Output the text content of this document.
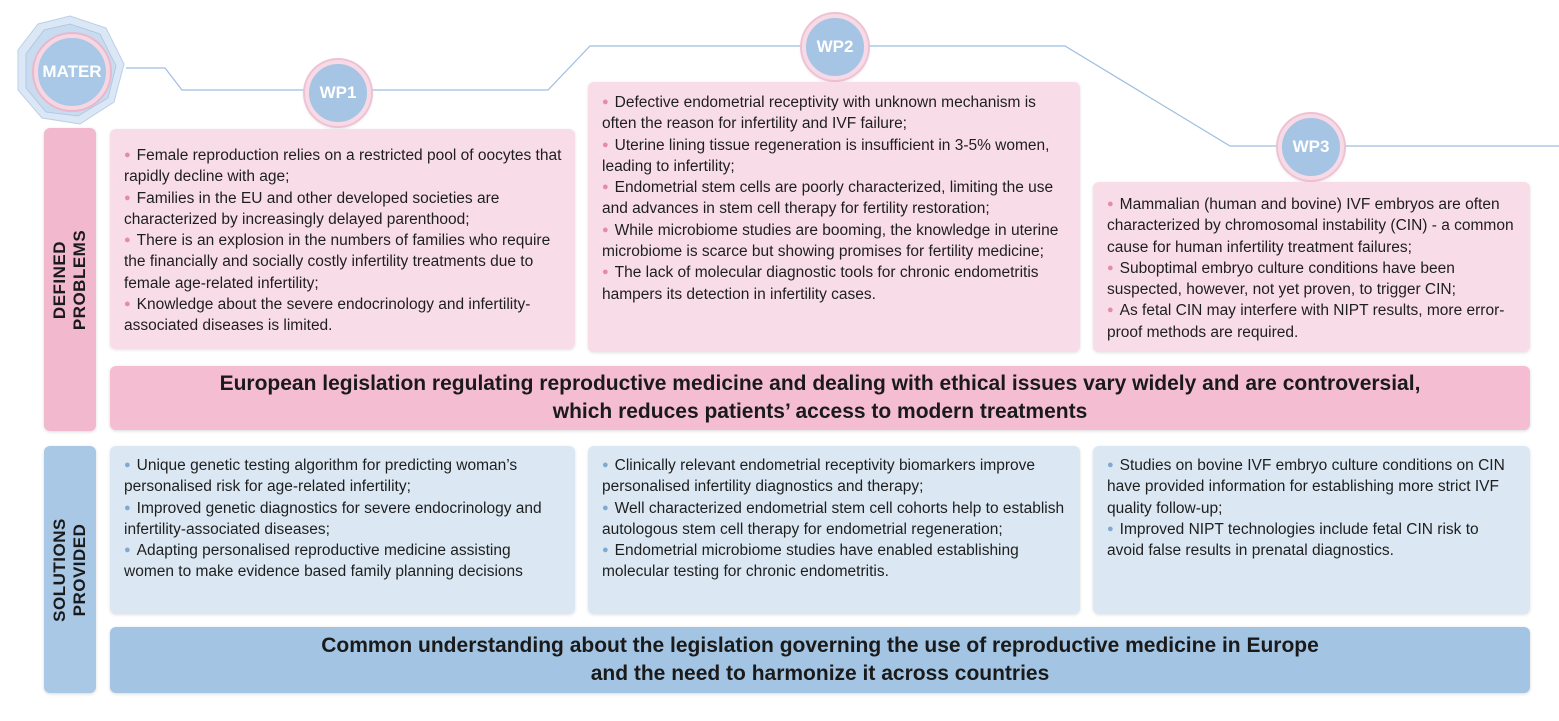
MATER
WP1
WP2
WP3
DEFINED PROBLEMS
SOLUTIONS PROVIDED

● Female reproduction relies on a restricted pool of oocytes that rapidly decline with age;

● Families in the EU and other developed societies are characterized by increasingly delayed parenthood;

● There is an explosion in the numbers of families who require the financially and socially costly infertility treatments due to female age-related infertility;

● Knowledge about the severe endocrinology and infertility-associated diseases is limited.

● Defective endometrial receptivity with unknown mechanism is often the reason for infertility and IVF failure;

● Uterine lining tissue regeneration is insufficient in 3-5% women, leading to infertility;

● Endometrial stem cells are poorly characterized, limiting the use and advances in stem cell therapy for fertility restoration;

● While microbiome studies are booming, the knowledge in uterine microbiome is scarce but showing promises for fertility medicine;

● The lack of molecular diagnostic tools for chronic endometritis hampers its detection in infertility cases.

● Mammalian (human and bovine) IVF embryos are often characterized by chromosomal instability (CIN) - a common cause for human infertility treatment failures;

● Suboptimal embryo culture conditions have been suspected, however, not yet proven, to trigger CIN;

● As fetal CIN may interfere with NIPT results, more error-proof methods are required.

European legislation regulating reproductive medicine and dealing with ethical issues vary widely and are controversial,
which reduces patients’ access to modern treatments

● Unique genetic testing algorithm for predicting woman’s personalised risk for age-related infertility;

● Improved genetic diagnostics for severe endocrinology and infertility-associated diseases;

● Adapting personalised reproductive medicine assisting women to make evidence based family planning decisions

● Clinically relevant endometrial receptivity biomarkers improve personalised infertility diagnostics and therapy;

● Well characterized endometrial stem cell cohorts help to establish autologous stem cell therapy for endometrial regeneration;

● Endometrial microbiome studies have enabled establishing molecular testing for chronic endometritis.

● Studies on bovine IVF embryo culture conditions on CIN have provided information for establishing more strict IVF quality follow-up;

● Improved NIPT technologies include fetal CIN risk to avoid false results in prenatal diagnostics.

Common understanding about the legislation governing the use of reproductive medicine in Europe
and the need to harmonize it across countries
